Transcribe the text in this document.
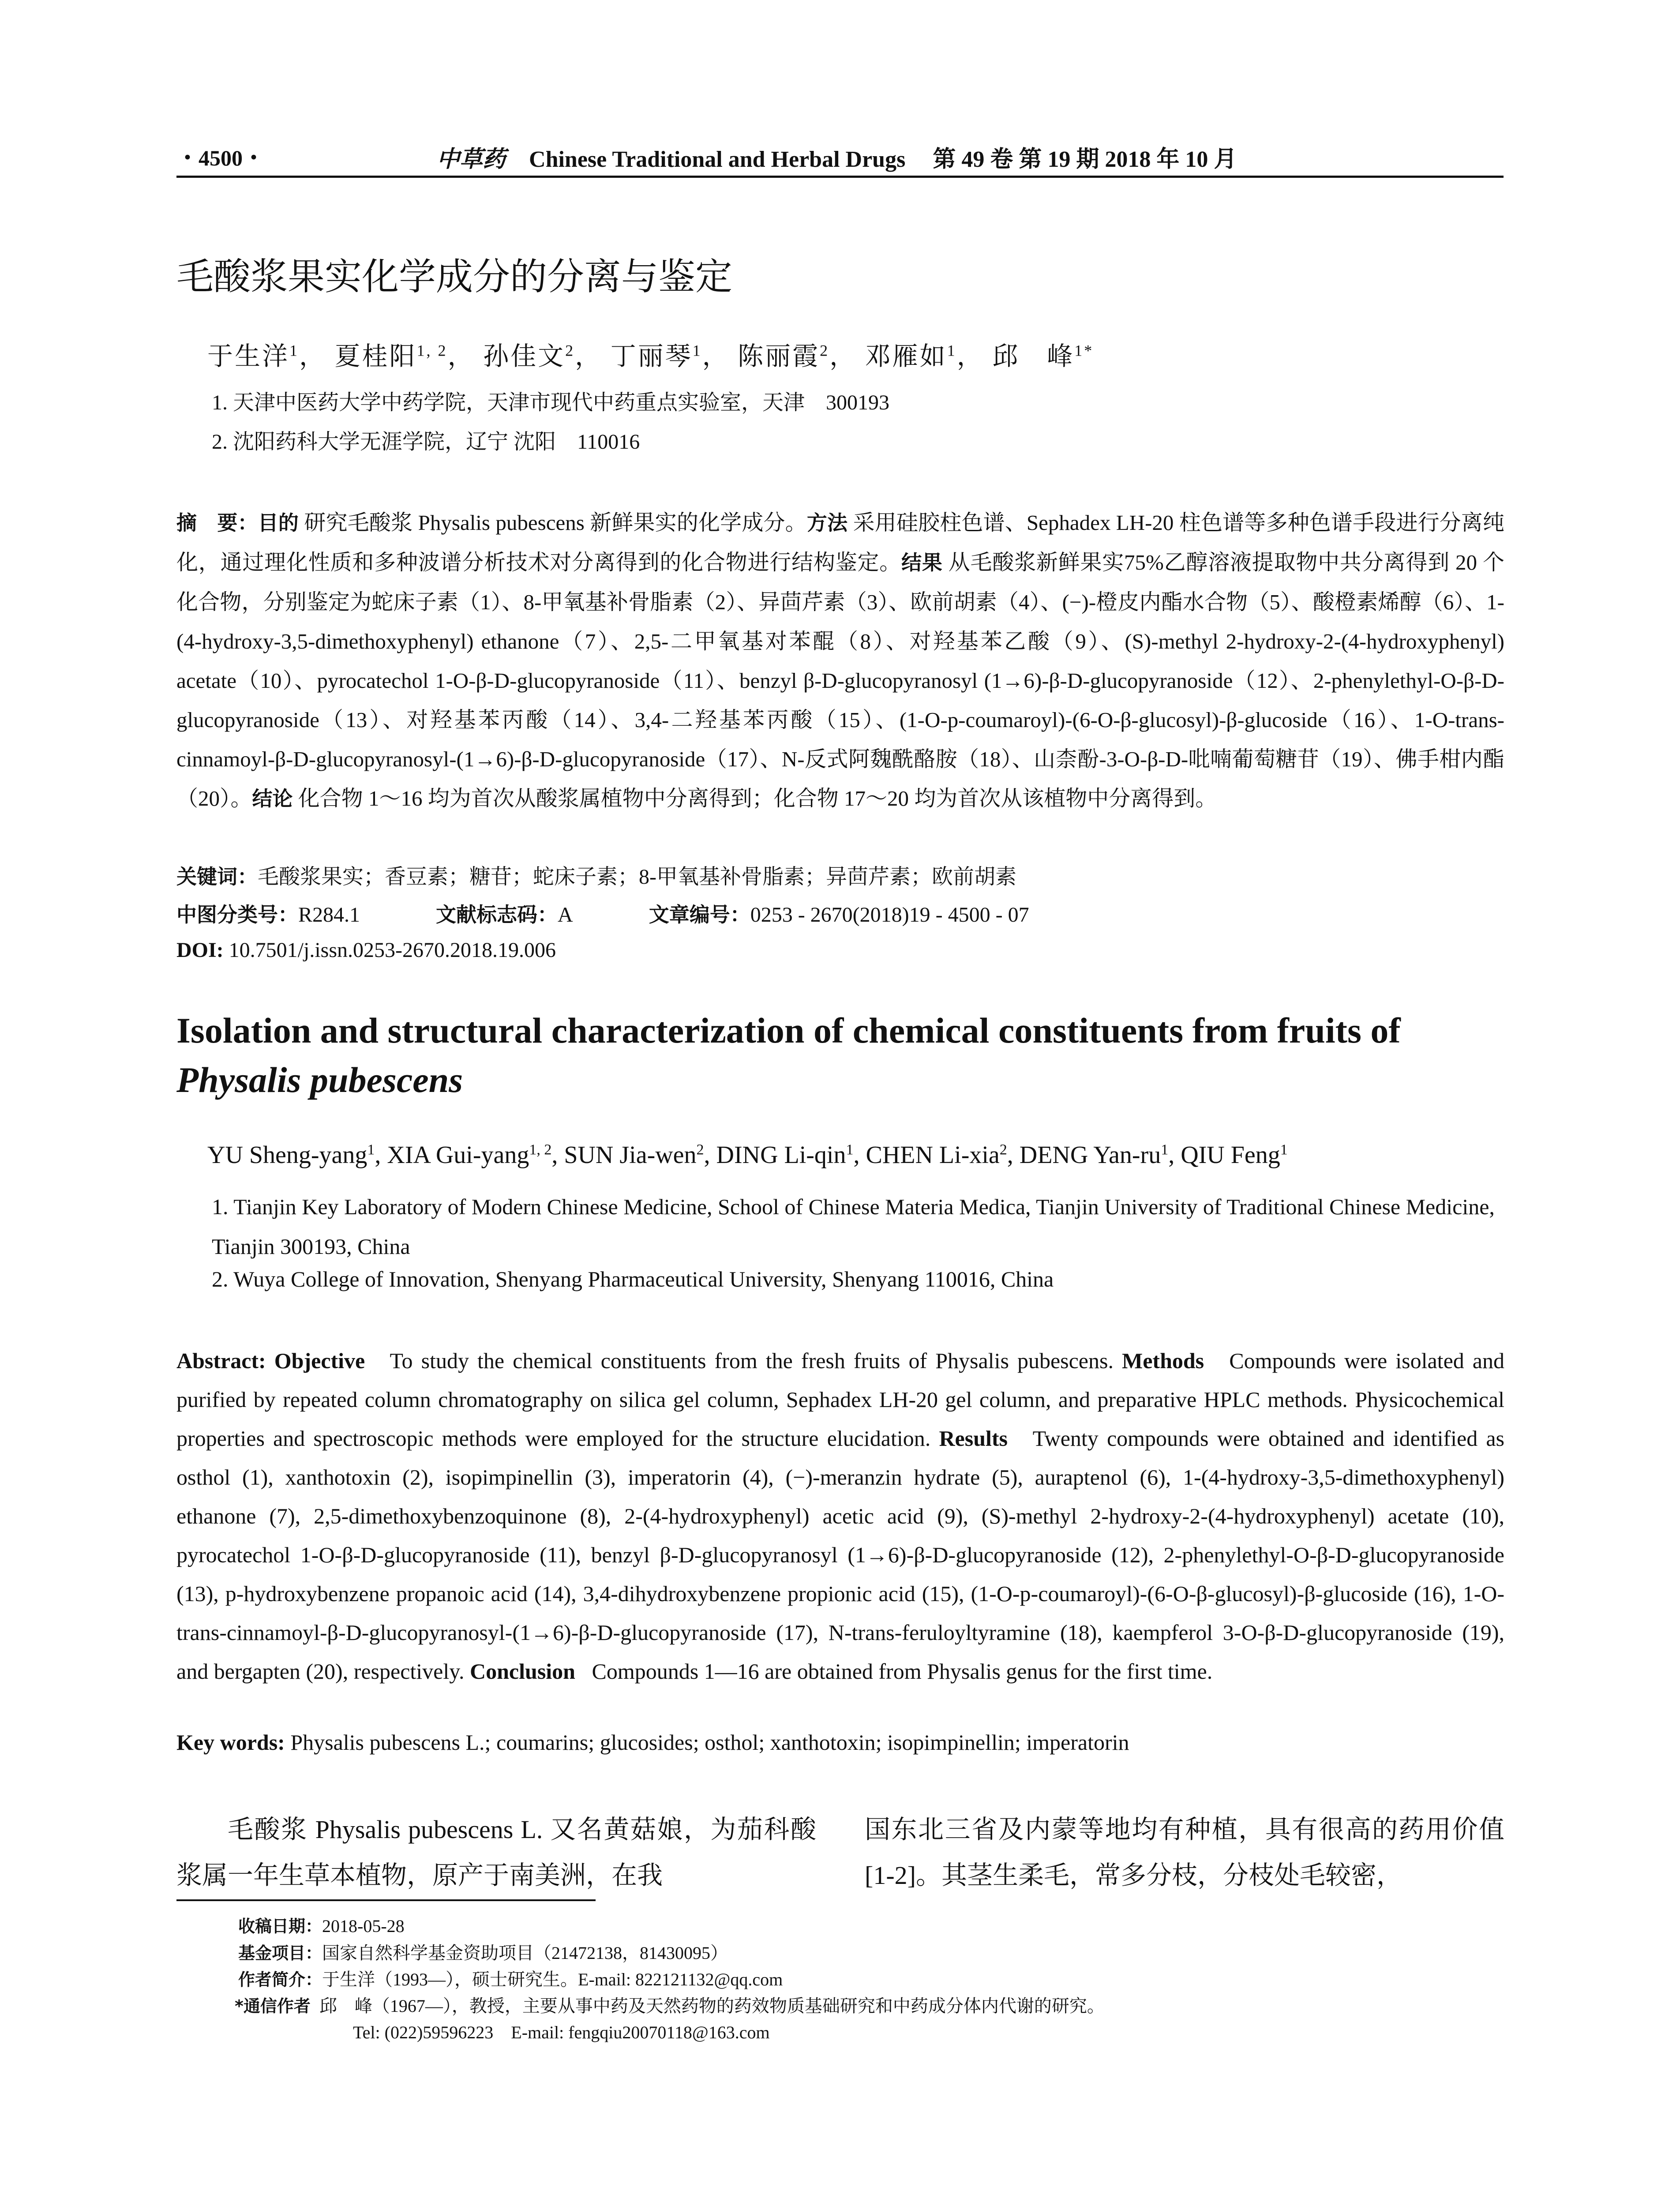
・4500・	中草药 Chinese Traditional and Herbal Drugs 第 49 卷 第 19 期 2018 年 10 月
毛酸浆果实化学成分的分离与鉴定
于生洋$^1$， 夏桂阳$^{1, 2}$， 孙佳文$^2$， 丁丽琴$^1$， 陈丽霞$^2$， 邓雁如$^1$， 邱　峰$^{1*}$
1. 天津中医药大学中药学院，天津市现代中药重点实验室，天津　300193
2. 沈阳药科大学无涯学院，辽宁 沈阳　110016
摘　要：目的 研究毛酸浆 Physalis pubescens 新鲜果实的化学成分。方法 采用硅胶柱色谱、Sephadex LH-20 柱色谱等多种色谱手段进行分离纯化，通过理化性质和多种波谱分析技术对分离得到的化合物进行结构鉴定。结果 从毛酸浆新鲜果实75%乙醇溶液提取物中共分离得到 20 个化合物，分别鉴定为蛇床子素（1）、8-甲氧基补骨脂素（2）、异茴芹素（3）、欧前胡素（4）、(−)-橙皮内酯水合物（5）、酸橙素烯醇（6）、1-(4-hydroxy-3,5-dimethoxyphenyl) ethanone（7）、2,5-二甲氧基对苯醌（8）、对羟基苯乙酸（9）、(S)-methyl 2-hydroxy-2-(4-hydroxyphenyl) acetate（10）、pyrocatechol 1-O-β-D-glucopyranoside（11）、benzyl β-D-glucopyranosyl (1→6)-β-D-glucopyranoside（12）、2-phenylethyl-O-β-D-glucopyranoside（13）、对羟基苯丙酸（14）、3,4-二羟基苯丙酸（15）、(1-O-p-coumaroyl)-(6-O-β-glucosyl)-β-glucoside（16）、1-O-trans-cinnamoyl-β-D-glucopyranosyl-(1→6)-β-D-glucopyranoside（17）、N-反式阿魏酰酪胺（18）、山柰酚-3-O-β-D-吡喃葡萄糖苷（19）、佛手柑内酯（20）。结论 化合物 1～16 均为首次从酸浆属植物中分离得到；化合物 17～20 均为首次从该植物中分离得到。
关键词：毛酸浆果实；香豆素；糖苷；蛇床子素；8-甲氧基补骨脂素；异茴芹素；欧前胡素
中图分类号：R284.1	文献标志码：A	文章编号：0253 - 2670(2018)19 - 4500 - 07
DOI: 10.7501/j.issn.0253-2670.2018.19.006
Isolation and structural characterization of chemical constituents from fruits of
Physalis pubescens
YU Sheng-yang$^1$, XIA Gui-yang$^{1, 2}$, SUN Jia-wen$^2$, DING Li-qin$^1$, CHEN Li-xia$^2$, DENG Yan-$ru^1$, QIU Feng$^1$
1. Tianjin Key Laboratory of Modern Chinese Medicine, School of Chinese Materia Medica, Tianjin University of Traditional Chinese Medicine, Tianjin 300193, China
2. Wuya College of Innovation, Shenyang Pharmaceutical University, Shenyang 110016, China
Abstract: Objective To study the chemical constituents from the fresh fruits of Physalis pubescens. Methods Compounds were isolated and purified by repeated column chromatography on silica gel column, Sephadex LH-20 gel column, and preparative HPLC methods. Physicochemical properties and spectroscopic methods were employed for the structure elucidation. Results Twenty compounds were obtained and identified as osthol (1), xanthotoxin (2), isopimpinellin (3), imperatorin (4), (−)-meranzin hydrate (5), auraptenol (6), 1-(4-hydroxy-3,5-dimethoxyphenyl) ethanone (7), 2,5-dimethoxybenzoquinone (8), 2-(4-hydroxyphenyl) acetic acid (9), (S)-methyl 2-hydroxy-2-(4-hydroxyphenyl) acetate (10), pyrocatechol 1-O-β-D-glucopyranoside (11), benzyl β-D-glucopyranosyl (1→6)-β-D-glucopyranoside (12), 2-phenylethyl-O-β-D-glucopyranoside (13), p-hydroxybenzene propanoic acid (14), 3,4-dihydroxybenzene propionic acid (15), (1-O-p-coumaroyl)-(6-O-β-glucosyl)-β-glucoside (16), 1-O-trans-cinnamoyl-β-D-glucopyranosyl-(1→6)-β-D-glucopyranoside (17), N-trans-feruloyltyramine (18), kaempferol 3-O-β-D-glucopyranoside (19), and bergapten (20), respectively. Conclusion Compounds 1—16 are obtained from Physalis genus for the first time.
Key words: Physalis pubescens L.; coumarins; glucosides; osthol; xanthotoxin; isopimpinellin; imperatorin
毛酸浆 Physalis pubescens L. 又名黄菇娘，为茄科酸浆属一年生草本植物，原产于南美洲，在我
国东北三省及内蒙等地均有种植，具有很高的药用价值[1-2]。其茎生柔毛，常多分枝，分枝处毛较密，
收稿日期：2018-05-28
基金项目：国家自然科学基金资助项目（21472138，81430095）
作者简介：于生洋（1993—），硕士研究生。E-mail: 822121132@qq.com
*通信作者 邱　峰（1967—），教授，主要从事中药及天然药物的药效物质基础研究和中药成分体内代谢的研究。
Tel: (022)59596223　E-mail: fengqiu20070118@163.com
